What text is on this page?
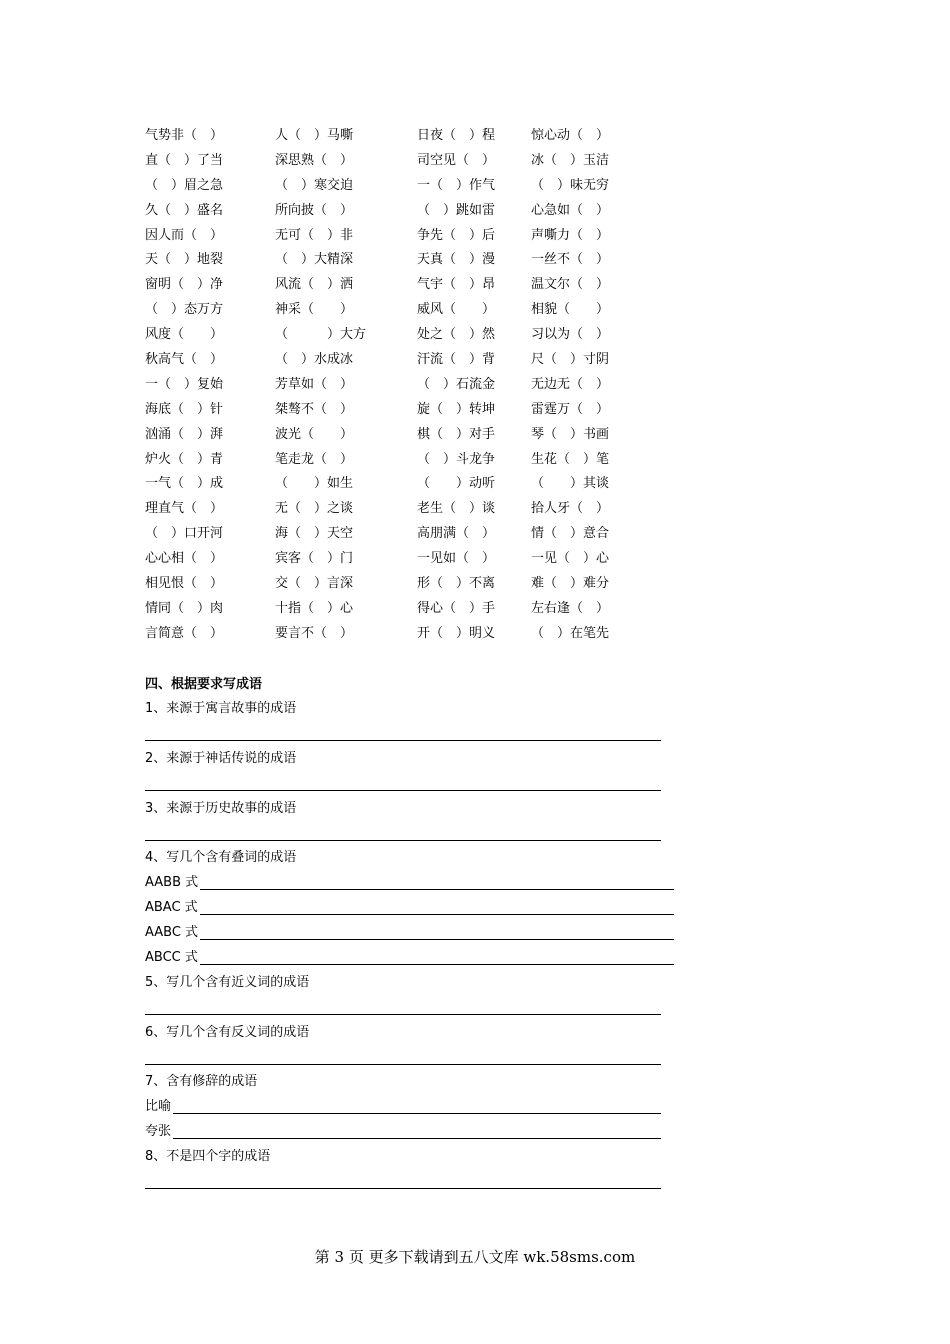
气势非（　）	人（　）马嘶	日夜（　）程	惊心动（　）
直（　）了当	深思熟（　）	司空见（　）	冰（　）玉洁
（　）眉之急	（　）寒交迫	一（　）作气	（　）味无穷
久（　）盛名	所向披（　）	（　）跳如雷	心急如（　）
因人而（　）	无可（　）非	争先（　）后	声嘶力（　）
天（　）地裂	（　）大精深	天真（　）漫	一丝不（　）
窗明（　）净	风流（　）洒	气宇（　）昂	温文尔（　）
（　）态万方	神采（　　）	威风（　　）	相貌（　　）
风度（　　）	（　　　）大方	处之（　）然	习以为（　）
秋高气（　）	（　）水成冰	汗流（　）背	尺（　）寸阴
一（　）复始	芳草如（　）	（　）石流金	无边无（　）
海底（　）针	桀骜不（　）	旋（　）转坤	雷霆万（　）
汹涌（　）湃	波光（　　）	棋（　）对手	琴（　）书画
炉火（　）青	笔走龙（　）	（　）斗龙争	生花（　）笔
一气（　）成	（　　）如生	（　　）动听	（　　）其谈
理直气（　）	无（　）之谈	老生（　）谈	拾人牙（　）
（　）口开河	海（　）天空	高朋满（　）	情（　）意合
心心相（　）	宾客（　）门	一见如（　）	一见（　）心
相见恨（　）	交（　）言深	形（　）不离	难（　）难分
情同（　）肉	十指（　）心	得心（　）手	左右逢（　）
言简意（　）	要言不（　）	开（　）明义	（　）在笔先
四、根据要求写成语
1、来源于寓言故事的成语
2、来源于神话传说的成语
3、来源于历史故事的成语
4、写几个含有叠词的成语
AABB 式
ABAC 式
AABC 式
ABCC 式
5、写几个含有近义词的成语
6、写几个含有反义词的成语
7、含有修辞的成语
比喻
夸张
8、不是四个字的成语
第 3 页 更多下载请到五八文库 wk.58sms.com
